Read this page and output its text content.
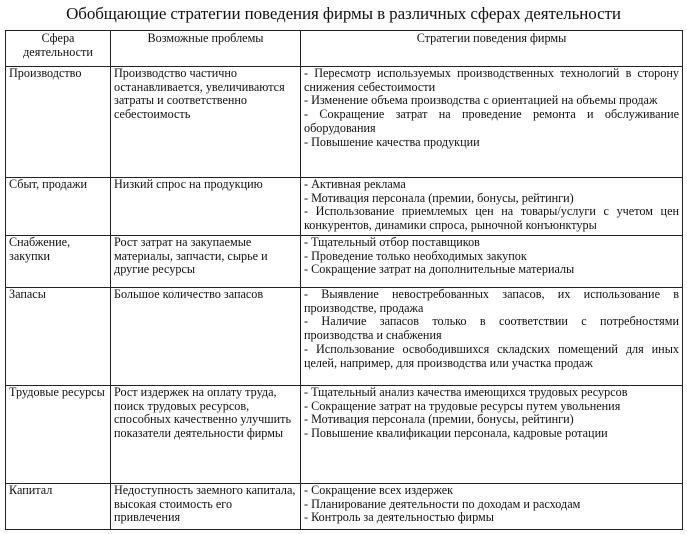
Обобщающие стратегии поведения фирмы в различных сферах деятельности
Сфера деятельности	Возможные проблемы	Стратегии поведения фирмы
Производство	Производство частично останавливается, увеличиваются затраты и соответственно себестоимость	- Пересмотр используемых производственных технологий в сторону снижения себестоимости
- Изменение объема производства с ориентацией на объемы продаж
- Сокращение затрат на проведение ремонта и обслуживание оборудования
- Повышение качества продукции

Сбыт, продажи	Низкий спрос на продукцию	- Активная реклама
- Мотивация персонала (премии, бонусы, рейтинги)
- Использование приемлемых цен на товары/услуги с учетом цен конкурентов, динамики спроса, рыночной конъюнктуры

Снабжение, закупки	Рост затрат на закупаемые материалы, запчасти, сырье и другие ресурсы	- Тщательный отбор поставщиков
- Проведение только необходимых закупок
- Сокращение затрат на дополнительные материалы

Запасы	Большое количество запасов	- Выявление невостребованных запасов, их использование в производстве, продажа
- Наличие запасов только в соответствии с потребностями производства и снабжения
- Использование освободившихся складских помещений для иных целей, например, для производства или участка продаж

Трудовые ресурсы	Рост издержек на оплату труда, поиск трудовых ресурсов, способных качественно улучшить показатели деятельности фирмы	- Тщательный анализ качества имеющихся трудовых ресурсов
- Сокращение затрат на трудовые ресурсы путем увольнения
- Мотивация персонала (премии, бонусы, рейтинги)
- Повышение квалификации персонала, кадровые ротации

Капитал	Недоступность заемного капитала, высокая стоимость его привлечения	- Сокращение всех издержек
- Планирование деятельности по доходам и расходам
- Контроль за деятельностью фирмы
